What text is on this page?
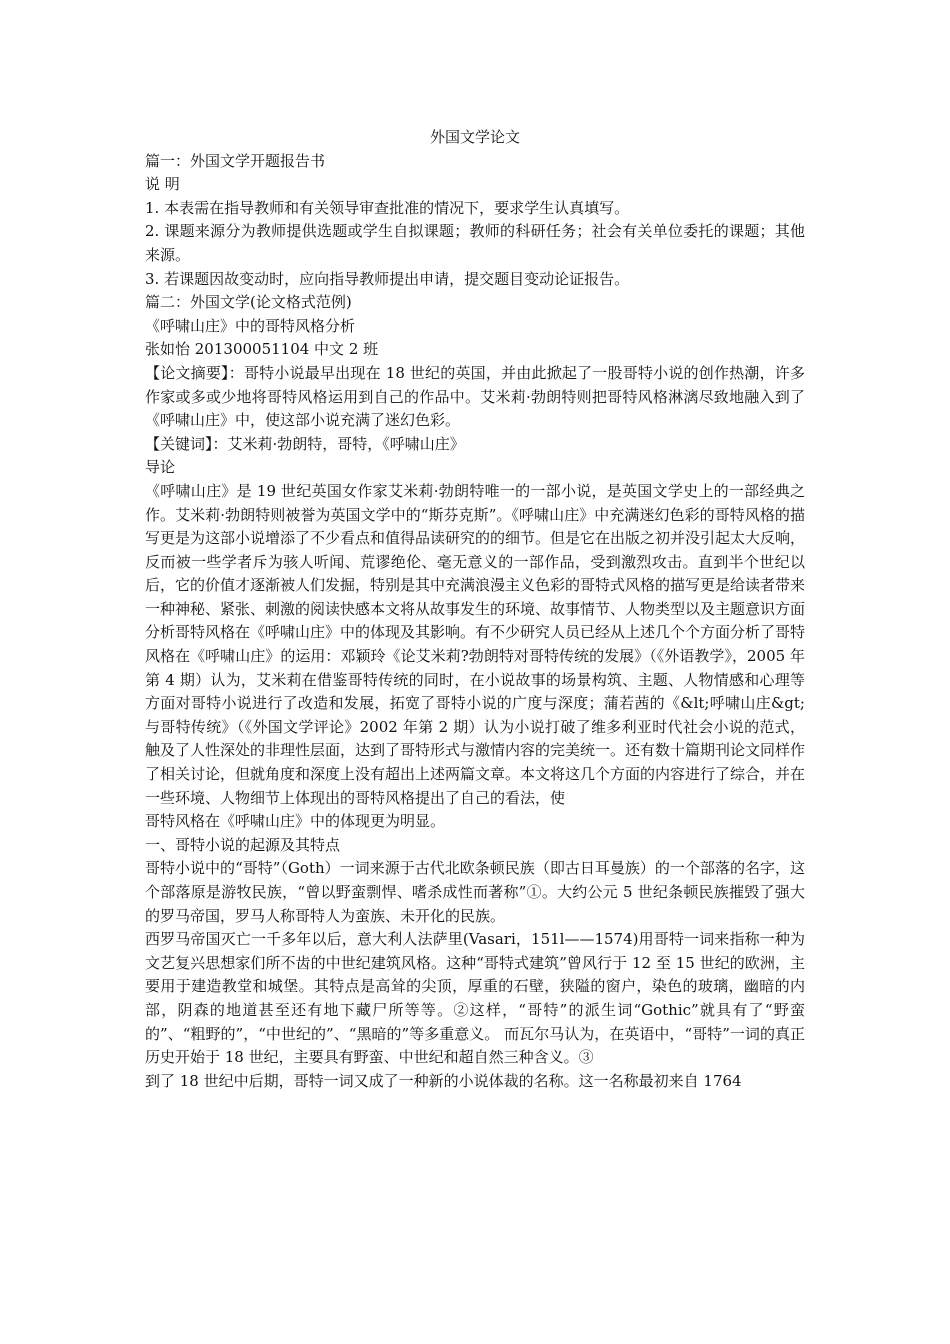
外国文学论文

篇一：外国文学开题报告书

说 明

1. 本表需在指导教师和有关领导审查批准的情况下，要求学生认真填写。

2. 课题来源分为教师提供选题或学生自拟课题；教师的科研任务；社会有关单位委托的课题；其他来源。

3. 若课题因故变动时，应向指导教师提出申请，提交题目变动论证报告。

篇二：外国文学(论文格式范例)

《呼啸山庄》中的哥特风格分析

张如怡 201300051104 中文 2 班

【论文摘要】：哥特小说最早出现在 18 世纪的英国，并由此掀起了一股哥特小说的创作热潮，许多作家或多或少地将哥特风格运用到自己的作品中。艾米莉·勃朗特则把哥特风格淋漓尽致地融入到了《呼啸山庄》中，使这部小说充满了迷幻色彩。

【关键词】：艾米莉·勃朗特，哥特，《呼啸山庄》

导论

《呼啸山庄》是 19 世纪英国女作家艾米莉·勃朗特唯一的一部小说，是英国文学史上的一部经典之作。艾米莉·勃朗特则被誉为英国文学中的“斯芬克斯”。《呼啸山庄》中充满迷幻色彩的哥特风格的描写更是为这部小说增添了不少看点和值得品读研究的的细节。但是它在出版之初并没引起太大反响，反而被一些学者斥为骇人听闻、荒谬绝伦、毫无意义的一部作品，受到激烈攻击。直到半个世纪以后，它的价值才逐渐被人们发掘，特别是其中充满浪漫主义色彩的哥特式风格的描写更是给读者带来一种神秘、紧张、刺激的阅读快感本文将从故事发生的环境、故事情节、人物类型以及主题意识方面分析哥特风格在《呼啸山庄》中的体现及其影响。有不少研究人员已经从上述几个个方面分析了哥特风格在《呼啸山庄》的运用：邓颖玲《论艾米莉?勃朗特对哥特传统的发展》（《外语教学》，2005 年第 4 期）认为，艾米莉在借鉴哥特传统的同时，在小说故事的场景构筑、主题、人物情感和心理等方面对哥特小说进行了改造和发展，拓宽了哥特小说的广度与深度；蒲若茜的《&lt;呼啸山庄&gt;与哥特传统》（《外国文学评论》2002 年第 2 期）认为小说打破了维多利亚时代社会小说的范式，触及了人性深处的非理性层面，达到了哥特形式与激情内容的完美统一。还有数十篇期刊论文同样作了相关讨论，但就角度和深度上没有超出上述两篇文章。本文将这几个方面的内容进行了综合，并在一些环境、人物细节上体现出的哥特风格提出了自己的看法，使

哥特风格在《呼啸山庄》中的体现更为明显。

一、哥特小说的起源及其特点

哥特小说中的“哥特”（Goth）一词来源于古代北欧条顿民族（即古日耳曼族）的一个部落的名字，这个部落原是游牧民族，“曾以野蛮剽悍、嗜杀成性而著称”①。大约公元 5 世纪条顿民族摧毁了强大的罗马帝国，罗马人称哥特人为蛮族、未开化的民族。

西罗马帝国灭亡一千多年以后，意大利人法萨里(Vasari，151l——1574)用哥特一词来指称一种为文艺复兴思想家们所不齿的中世纪建筑风格。这种“哥特式建筑”曾风行于 12 至 15 世纪的欧洲，主要用于建造教堂和城堡。其特点是高耸的尖顶，厚重的石壁，狭隘的窗户，染色的玻璃，幽暗的内部，阴森的地道甚至还有地下藏尸所等等。②这样，“哥特”的派生词“Gothic”就具有了“野蛮的”、“粗野的”，“中世纪的”、“黑暗的”等多重意义。 而瓦尔马认为，在英语中，“哥特”一词的真正历史开始于 18 世纪，主要具有野蛮、中世纪和超自然三种含义。③

到了 18 世纪中后期，哥特一词又成了一种新的小说体裁的名称。这一名称最初来自 1764
